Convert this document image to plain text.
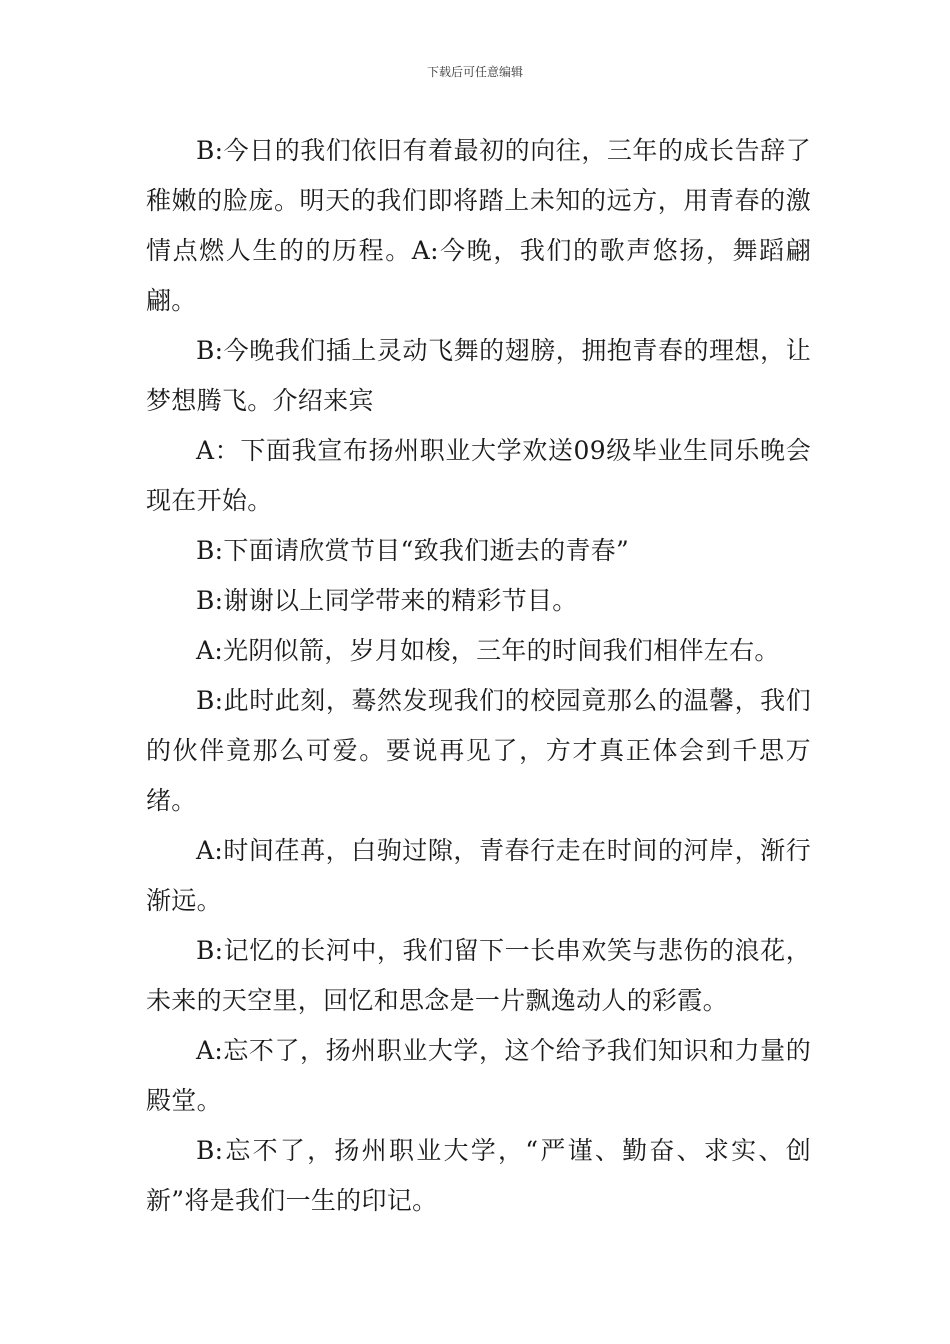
下载后可任意编辑

B:今日的我们依旧有着最初的向往，三年的成长告辞了稚嫩的脸庞。明天的我们即将踏上未知的远方，用青春的激情点燃人生的的历程。A:今晚，我们的歌声悠扬，舞蹈翩翩。

B:今晚我们插上灵动飞舞的翅膀，拥抱青春的理想，让梦想腾飞。介绍来宾

A：下面我宣布扬州职业大学欢送09级毕业生同乐晚会现在开始。

B:下面请欣赏节目“致我们逝去的青春”

B:谢谢以上同学带来的精彩节目。

A:光阴似箭，岁月如梭，三年的时间我们相伴左右。

B:此时此刻，蓦然发现我们的校园竟那么的温馨，我们的伙伴竟那么可爱。要说再见了，方才真正体会到千思万绪。

A:时间荏苒，白驹过隙，青春行走在时间的河岸，渐行渐远。

B:记忆的长河中，我们留下一长串欢笑与悲伤的浪花，未来的天空里，回忆和思念是一片飘逸动人的彩霞。

A:忘不了，扬州职业大学，这个给予我们知识和力量的殿堂。

B:忘不了，扬州职业大学，“严谨、勤奋、求实、创新”将是我们一生的印记。
